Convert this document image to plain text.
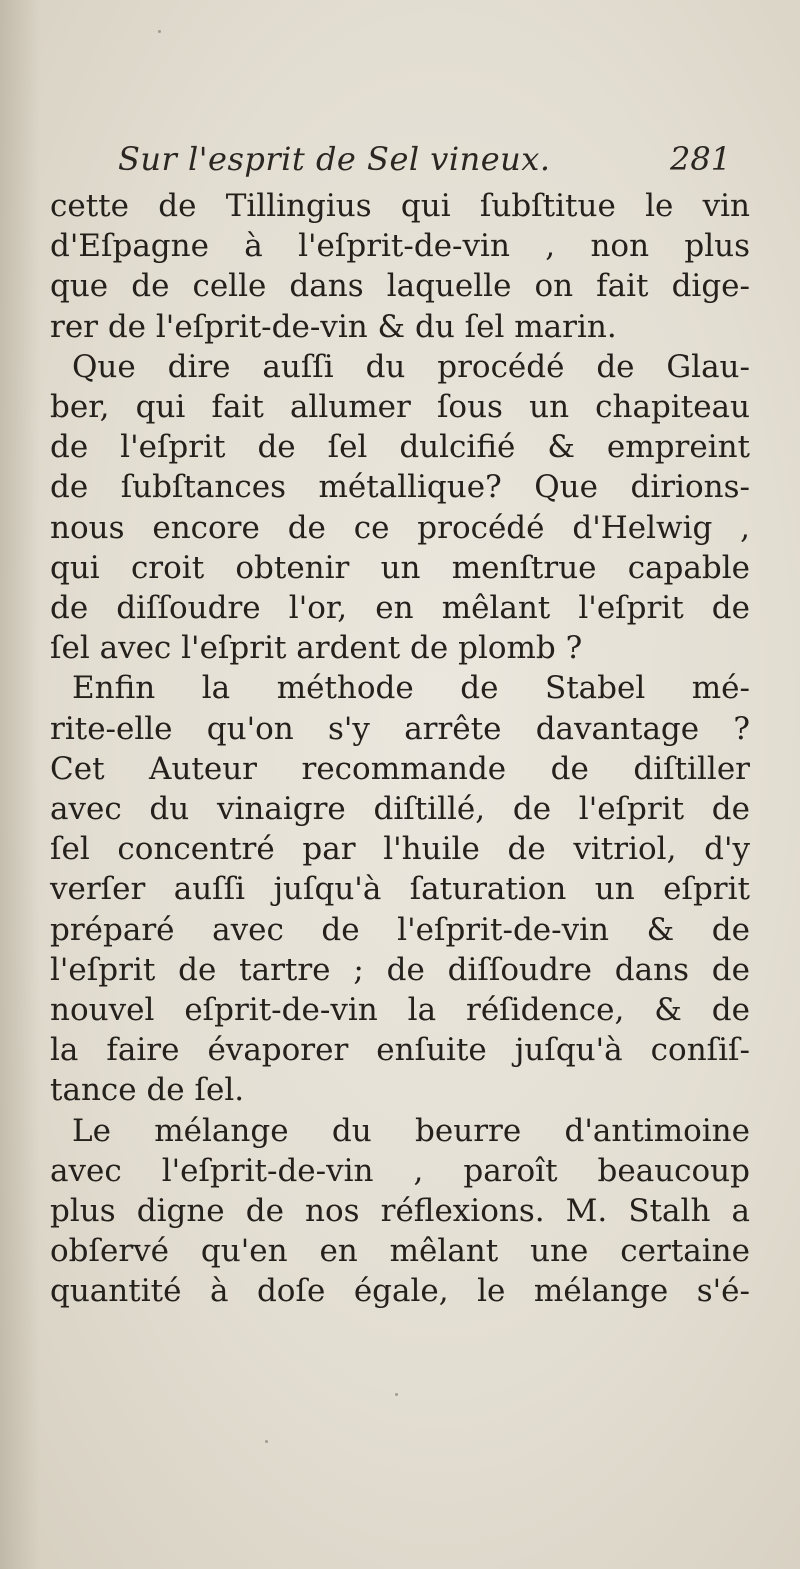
Sur l'esprit de Sel vineux.	281
cette de Tillingius qui ſubſtitue le vin
d'Eſpagne à l'eſprit-de-vin , non plus
que de celle dans laquelle on fait dige-
rer de l'eſprit-de-vin & du ſel marin.
Que dire auſſi du procédé de Glau-
ber, qui fait allumer ſous un chapiteau
de l'eſprit de ſel dulcifié & empreint
de ſubſtances métallique? Que dirions-
nous encore de ce procédé d'Helwig ,
qui croit obtenir un menſtrue capable
de diſſoudre l'or, en mêlant l'eſprit de
ſel avec l'eſprit ardent de plomb ?
Enfin la méthode de Stabel mé-
rite-elle qu'on s'y arrête davantage ?
Cet Auteur recommande de diſtiller
avec du vinaigre diſtillé, de l'eſprit de
ſel concentré par l'huile de vitriol, d'y
verſer auſſi juſqu'à ſaturation un eſprit
préparé avec de l'eſprit-de-vin & de
l'eſprit de tartre ; de diſſoudre dans de
nouvel eſprit-de-vin la réſidence, & de
la faire évaporer enſuite juſqu'à conſiſ-
tance de ſel.
Le mélange du beurre d'antimoine
avec l'eſprit-de-vin , paroît beaucoup
plus digne de nos réflexions. M. Stalh a
obſervé qu'en en mêlant une certaine
quantité à doſe égale, le mélange s'é-
